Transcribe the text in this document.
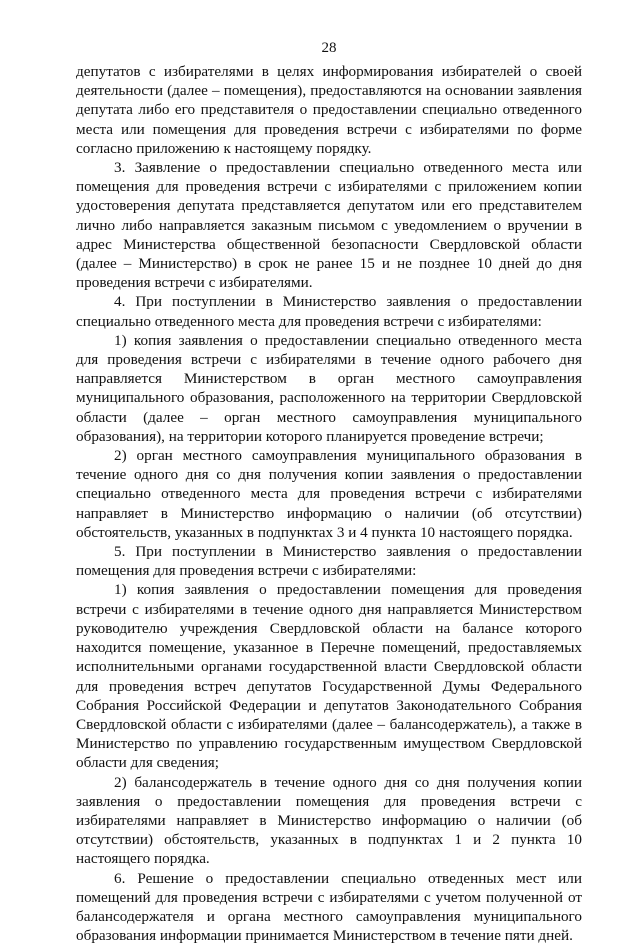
28

депутатов с избирателями в целях информирования избирателей о своей деятельности (далее – помещения), предоставляются на основании заявления депутата либо его представителя о предоставлении специально отведенного места или помещения для проведения встречи с избирателями по форме согласно приложению к настоящему порядку.

3. Заявление о предоставлении специально отведенного места или помещения для проведения встречи с избирателями с приложением копии удостоверения депутата представляется депутатом или его представителем лично либо направляется заказным письмом с уведомлением о вручении в адрес Министерства общественной безопасности Свердловской области (далее – Министерство) в срок не ранее 15 и не позднее 10 дней до дня проведения встречи с избирателями.

4. При поступлении в Министерство заявления о предоставлении специально отведенного места для проведения встречи с избирателями:

1) копия заявления о предоставлении специально отведенного места для проведения встречи с избирателями в течение одного рабочего дня направляется Министерством в орган местного самоуправления муниципального образования, расположенного на территории Свердловской области (далее – орган местного самоуправления муниципального образования), на территории которого планируется проведение встречи;

2) орган местного самоуправления муниципального образования в течение одного дня со дня получения копии заявления о предоставлении специально отведенного места для проведения встречи с избирателями направляет в Министерство информацию о наличии (об отсутствии) обстоятельств, указанных в подпунктах 3 и 4 пункта 10 настоящего порядка.

5. При поступлении в Министерство заявления о предоставлении помещения для проведения встречи с избирателями:

1) копия заявления о предоставлении помещения для проведения встречи с избирателями в течение одного дня направляется Министерством руководителю учреждения Свердловской области на балансе которого находится помещение, указанное в Перечне помещений, предоставляемых исполнительными органами государственной власти Свердловской области для проведения встреч депутатов Государственной Думы Федерального Собрания Российской Федерации и депутатов Законодательного Собрания Свердловской области с избирателями (далее – балансодержатель), а также в Министерство по управлению государственным имуществом Свердловской области для сведения;

2) балансодержатель в течение одного дня со дня получения копии заявления о предоставлении помещения для проведения встречи с избирателями направляет в Министерство информацию о наличии (об отсутствии) обстоятельств, указанных в подпунктах 1 и 2 пункта 10 настоящего порядка.

6. Решение о предоставлении специально отведенных мест или помещений для проведения встречи с избирателями с учетом полученной от балансодержателя и органа местного самоуправления муниципального образования информации принимается Министерством в течение пяти дней.
